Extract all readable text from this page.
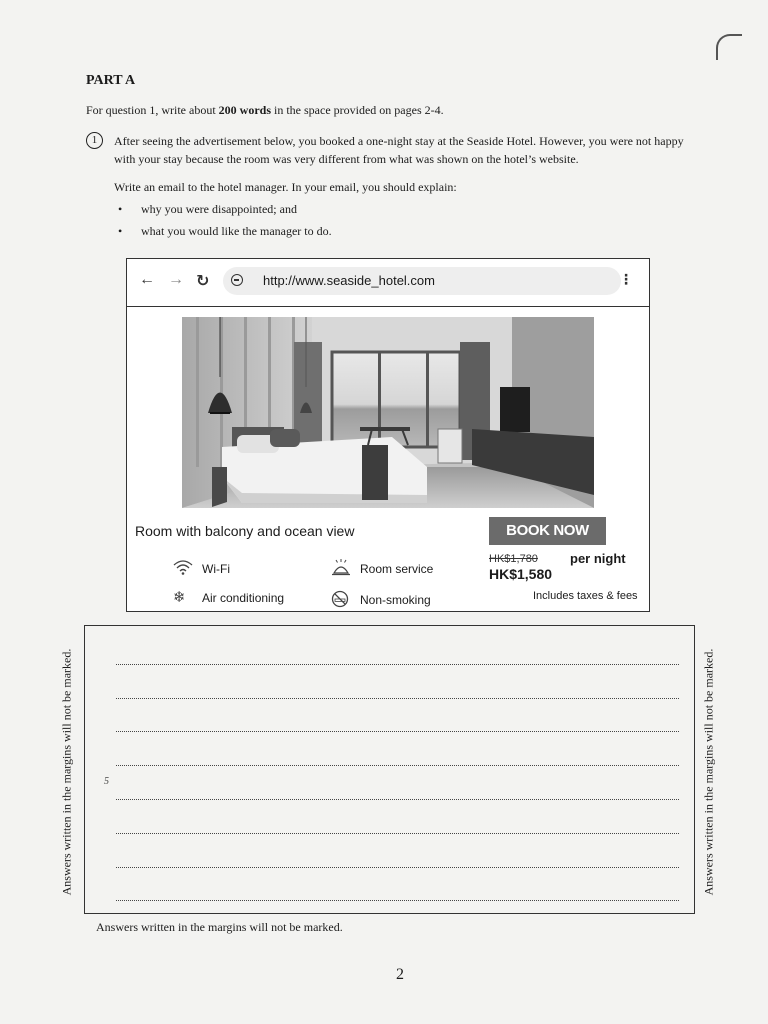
PART A
For question 1, write about 200 words in the space provided on pages 2-4.
1	After seeing the advertisement below, you booked a one-night stay at the Seaside Hotel. However, you were not happy with your stay because the room was very different from what was shown on the hotel’s website.
Write an email to the hotel manager. In your email, you should explain:
• why you were disappointed; and
• what you would like the manager to do.
← → ↻	http://www.seaside_hotel.com	⋮
Room with balcony and ocean view	BOOK NOW
Wi-Fi
❄ Air conditioning
Room service
Non-smoking
HK$1,780 per night
HK$1,580
Includes taxes & fees
5
Answers written in the margins will not be marked.	Answers written in the margins will not be marked.
Answers written in the margins will not be marked.
2
